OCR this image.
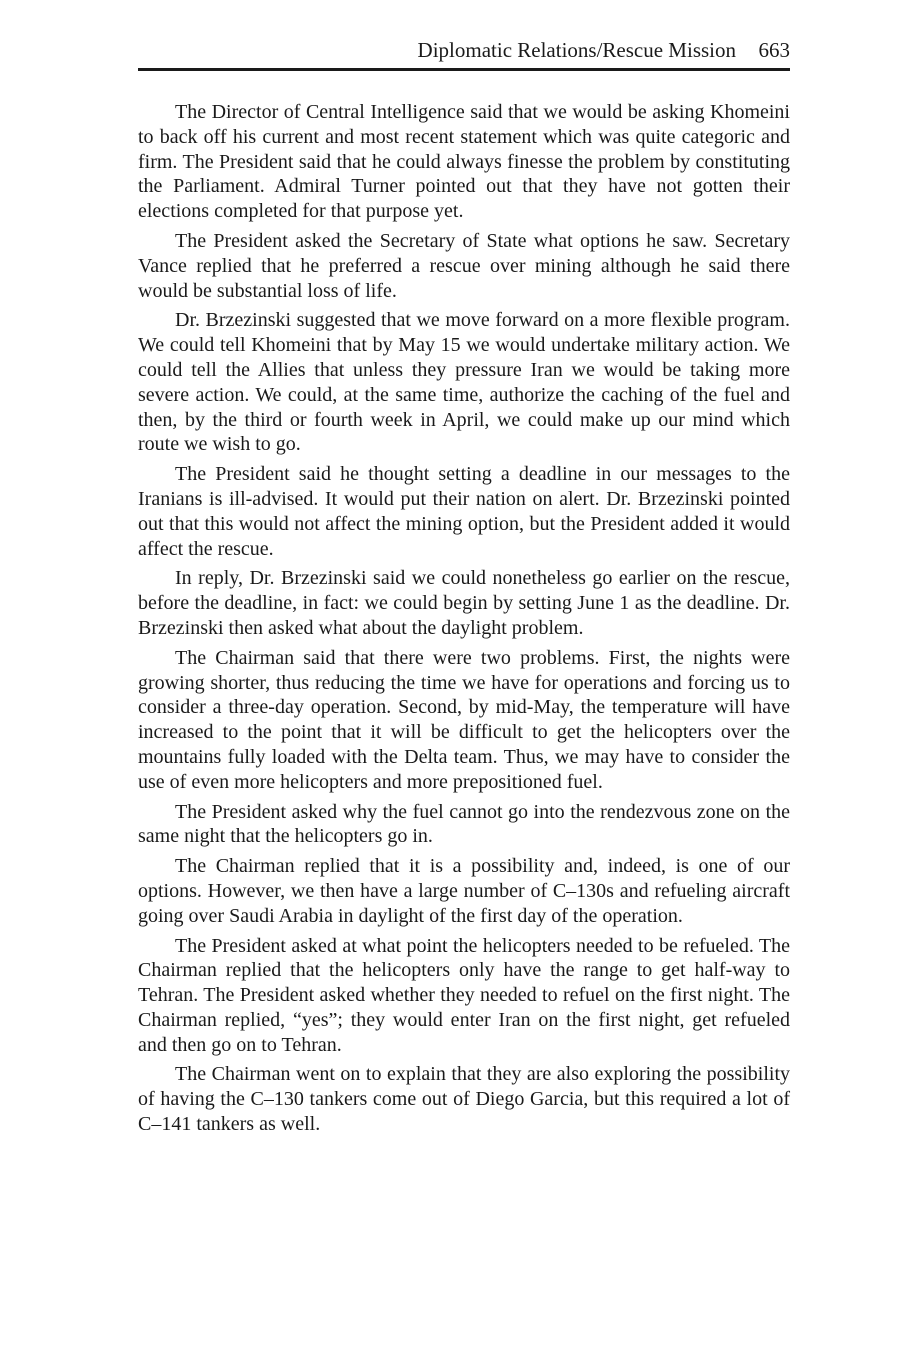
Diplomatic Relations/Rescue Mission 663

The Director of Central Intelligence said that we would be asking Khomeini to back off his current and most recent statement which was quite categoric and firm. The President said that he could always finesse the problem by constituting the Parliament. Admiral Turner pointed out that they have not gotten their elections completed for that purpose yet.

The President asked the Secretary of State what options he saw. Secretary Vance replied that he preferred a rescue over mining although he said there would be substantial loss of life.

Dr. Brzezinski suggested that we move forward on a more flexible program. We could tell Khomeini that by May 15 we would undertake military action. We could tell the Allies that unless they pressure Iran we would be taking more severe action. We could, at the same time, authorize the caching of the fuel and then, by the third or fourth week in April, we could make up our mind which route we wish to go.

The President said he thought setting a deadline in our messages to the Iranians is ill-advised. It would put their nation on alert. Dr. Brzezinski pointed out that this would not affect the mining option, but the President added it would affect the rescue.

In reply, Dr. Brzezinski said we could nonetheless go earlier on the rescue, before the deadline, in fact: we could begin by setting June 1 as the deadline. Dr. Brzezinski then asked what about the daylight problem.

The Chairman said that there were two problems. First, the nights were growing shorter, thus reducing the time we have for operations and forcing us to consider a three-day operation. Second, by mid-May, the temperature will have increased to the point that it will be difficult to get the helicopters over the mountains fully loaded with the Delta team. Thus, we may have to consider the use of even more helicopters and more prepositioned fuel.

The President asked why the fuel cannot go into the rendezvous zone on the same night that the helicopters go in.

The Chairman replied that it is a possibility and, indeed, is one of our options. However, we then have a large number of C–130s and refueling aircraft going over Saudi Arabia in daylight of the first day of the operation.

The President asked at what point the helicopters needed to be refueled. The Chairman replied that the helicopters only have the range to get half-way to Tehran. The President asked whether they needed to refuel on the first night. The Chairman replied, “yes”; they would enter Iran on the first night, get refueled and then go on to Tehran.

The Chairman went on to explain that they are also exploring the possibility of having the C–130 tankers come out of Diego Garcia, but this required a lot of C–141 tankers as well.
